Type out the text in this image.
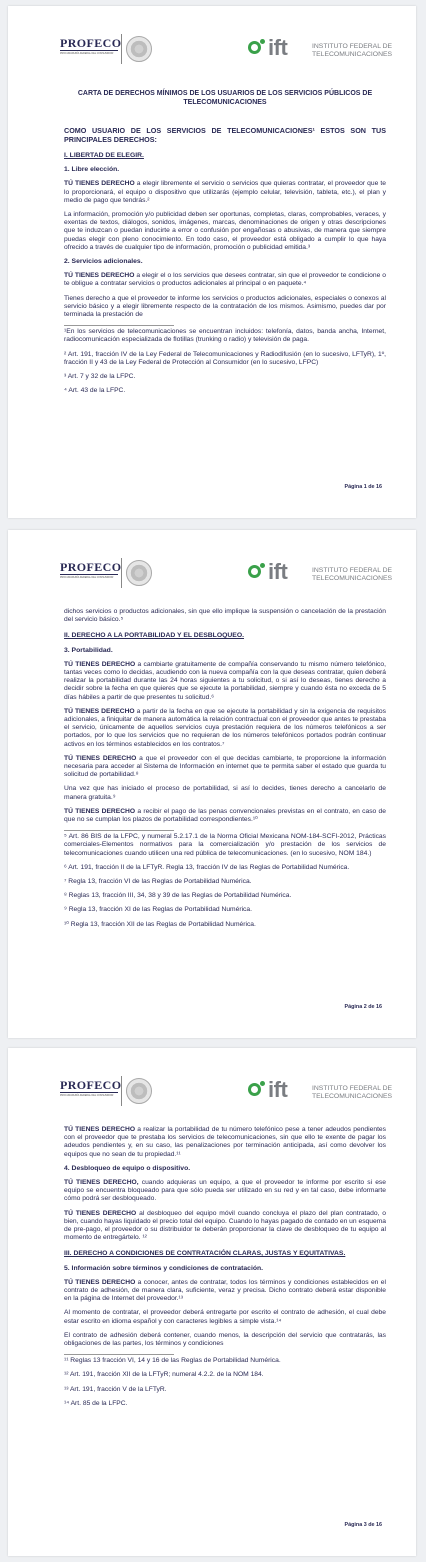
PROFECO
PROCURADURÍA FEDERAL DEL CONSUMIDOR	ift	INSTITUTO FEDERAL DE
TELECOMUNICACIONES

CARTA DE DERECHOS MÍNIMOS DE LOS USUARIOS DE LOS SERVICIOS PÚBLICOS DE TELECOMUNICACIONES

COMO USUARIO DE LOS SERVICIOS DE TELECOMUNICACIONES¹ ESTOS SON TUS PRINCIPALES DERECHOS:

I. LIBERTAD DE ELEGIR.

1. Libre elección.

TÚ TIENES DERECHO a elegir libremente el servicio o servicios que quieras contratar, el proveedor que te lo proporcionará, el equipo o dispositivo que utilizarás (ejemplo celular, televisión, tableta, etc.), el plan y medio de pago que tendrás.²

La información, promoción y/o publicidad deben ser oportunas, completas, claras, comprobables, veraces, y exentas de textos, diálogos, sonidos, imágenes, marcas, denominaciones de origen y otras descripciones que te induzcan o puedan inducirte a error o confusión por engañosas o abusivas, de manera que siempre puedas elegir con pleno conocimiento. En todo caso, el proveedor está obligado a cumplir lo que haya ofrecido a través de cualquier tipo de información, promoción o publicidad emitida.³

2. Servicios adicionales.

TÚ TIENES DERECHO a elegir el o los servicios que desees contratar, sin que el proveedor te condicione o te obligue a contratar servicios o productos adicionales al principal o en paquete.⁴

Tienes derecho a que el proveedor te informe los servicios o productos adicionales, especiales o conexos al servicio básico y a elegir libremente respecto de la contratación de los mismos. Asimismo, puedes dar por terminada la prestación de

¹En los servicios de telecomunicaciones se encuentran incluidos: telefonía, datos, banda ancha, Internet, radiocomunicación especializada de flotillas (trunking o radio) y televisión de paga.

² Art. 191, fracción IV de la Ley Federal de Telecomunicaciones y Radiodifusión (en lo sucesivo, LFTyR), 1º, fracción II y 43 de la Ley Federal de Protección al Consumidor (en lo sucesivo, LFPC)

³ Art. 7 y 32 de la LFPC.

⁴ Art. 43 de la LFPC.

Página 1 de 16
PROFECO
PROCURADURÍA FEDERAL DEL CONSUMIDOR	ift	INSTITUTO FEDERAL DE
TELECOMUNICACIONES

dichos servicios o productos adicionales, sin que ello implique la suspensión o cancelación de la prestación del servicio básico.⁵

II. DERECHO A LA PORTABILIDAD Y EL DESBLOQUEO.

3. Portabilidad.

TÚ TIENES DERECHO a cambiarte gratuitamente de compañía conservando tu mismo número telefónico, tantas veces como lo decidas, acudiendo con la nueva compañía con la que deseas contratar, quien deberá realizar la portabilidad durante las 24 horas siguientes a tu solicitud, o si así lo deseas, tienes derecho a decidir sobre la fecha en que quieres que se ejecute la portabilidad, siempre y cuando ésta no exceda de 5 días hábiles a partir de que presentes tu solicitud.⁶

TÚ TIENES DERECHO a partir de la fecha en que se ejecute la portabilidad y sin la exigencia de requisitos adicionales, a finiquitar de manera automática la relación contractual con el proveedor que antes te prestaba el servicio, únicamente de aquellos servicios cuya prestación requiera de los números telefónicos a ser portados, por lo que los servicios que no requieran de los números telefónicos portados podrán continuar activos en los términos establecidos en los contratos.⁷

TÚ TIENES DERECHO a que el proveedor con el que decidas cambiarte, te proporcione la información necesaria para acceder al Sistema de Información en internet que te permita saber el estado que guarda tu solicitud de portabilidad.⁸

Una vez que has iniciado el proceso de portabilidad, si así lo decides, tienes derecho a cancelarlo de manera gratuita.⁹

TÚ TIENES DERECHO a recibir el pago de las penas convencionales previstas en el contrato, en caso de que no se cumplan los plazos de portabilidad correspondientes.¹⁰

⁵ Art. 86 BIS de la LFPC, y numeral 5.2.17.1 de la Norma Oficial Mexicana NOM-184-SCFI-2012, Prácticas comerciales-Elementos normativos para la comercialización y/o prestación de los servicios de telecomunicaciones cuando utilicen una red pública de telecomunicaciones. (en lo sucesivo, NOM 184.)

⁶ Art. 191, fracción II de la LFTyR. Regla 13, fracción IV de las Reglas de Portabilidad Numérica.

⁷ Regla 13, fracción VI de las Reglas de Portabilidad Numérica.

⁸ Reglas 13, fracción III, 34, 38 y 39 de las Reglas de Portabilidad Numérica.

⁹ Regla 13, fracción XI de las Reglas de Portabilidad Numérica.

¹⁰ Regla 13, fracción XII de las Reglas de Portabilidad Numérica.

Página 2 de 16
PROFECO
PROCURADURÍA FEDERAL DEL CONSUMIDOR	ift	INSTITUTO FEDERAL DE
TELECOMUNICACIONES

TÚ TIENES DERECHO a realizar la portabilidad de tu número telefónico pese a tener adeudos pendientes con el proveedor que te prestaba los servicios de telecomunicaciones, sin que ello te exente de pagar los adeudos pendientes y, en su caso, las penalizaciones por terminación anticipada, así como devolver los equipos que no sean de tu propiedad.¹¹

4. Desbloqueo de equipo o dispositivo.

TÚ TIENES DERECHO, cuando adquieras un equipo, a que el proveedor te informe por escrito si ese equipo se encuentra bloqueado para que sólo pueda ser utilizado en su red y en tal caso, debe informarte cómo podrá ser desbloqueado.

TÚ TIENES DERECHO al desbloqueo del equipo móvil cuando concluya el plazo del plan contratado, o bien, cuando hayas liquidado el precio total del equipo. Cuando lo hayas pagado de contado en un esquema de pre-pago, el proveedor o su distribuidor te deberán proporcionar la clave de desbloqueo de tu equipo al momento de entregártelo. ¹²

III. DERECHO A CONDICIONES DE CONTRATACIÓN CLARAS, JUSTAS Y EQUITATIVAS.

5. Información sobre términos y condiciones de contratación.

TÚ TIENES DERECHO a conocer, antes de contratar, todos los términos y condiciones establecidos en el contrato de adhesión, de manera clara, suficiente, veraz y precisa. Dicho contrato deberá estar disponible en la página de Internet del proveedor.¹³

Al momento de contratar, el proveedor deberá entregarte por escrito el contrato de adhesión, el cual debe estar escrito en idioma español y con caracteres legibles a simple vista.¹⁴

El contrato de adhesión deberá contener, cuando menos, la descripción del servicio que contratarás, las obligaciones de las partes, los términos y condiciones

¹¹ Reglas 13 fracción VI, 14 y 16 de las Reglas de Portabilidad Numérica.

¹² Art. 191, fracción XII de la LFTyR; numeral 4.2.2. de la NOM 184.

¹³ Art. 191, fracción V de la LFTyR.

¹⁴ Art. 85 de la LFPC.

Página 3 de 16
